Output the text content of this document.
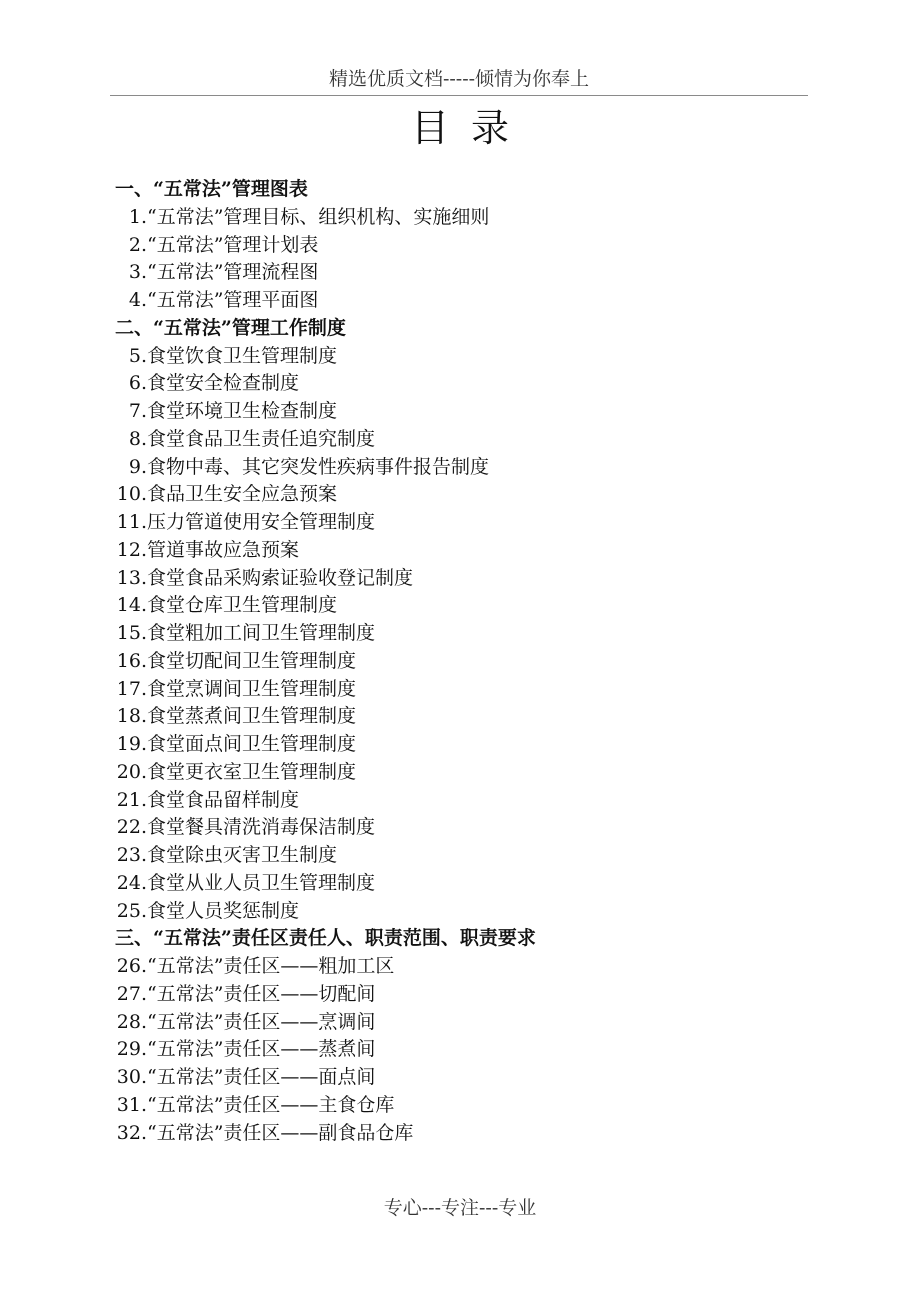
精选优质文档-----倾情为你奉上
目录
一、“五常法”管理图表
1.“五常法”管理目标、组织机构、实施细则
2.“五常法”管理计划表
3.“五常法”管理流程图
4.“五常法”管理平面图
二、“五常法”管理工作制度
5.食堂饮食卫生管理制度
6.食堂安全检查制度
7.食堂环境卫生检查制度
8.食堂食品卫生责任追究制度
9.食物中毒、其它突发性疾病事件报告制度
10.食品卫生安全应急预案
11.压力管道使用安全管理制度
12.管道事故应急预案
13.食堂食品采购索证验收登记制度
14.食堂仓库卫生管理制度
15.食堂粗加工间卫生管理制度
16.食堂切配间卫生管理制度
17.食堂烹调间卫生管理制度
18.食堂蒸煮间卫生管理制度
19.食堂面点间卫生管理制度
20.食堂更衣室卫生管理制度
21.食堂食品留样制度
22.食堂餐具清洗消毒保洁制度
23.食堂除虫灭害卫生制度
24.食堂从业人员卫生管理制度
25.食堂人员奖惩制度
三、“五常法”责任区责任人、职责范围、职责要求
26.“五常法”责任区——粗加工区
27.“五常法”责任区——切配间
28.“五常法”责任区——烹调间
29.“五常法”责任区——蒸煮间
30.“五常法”责任区——面点间
31.“五常法”责任区——主食仓库
32.“五常法”责任区——副食品仓库
专心---专注---专业
